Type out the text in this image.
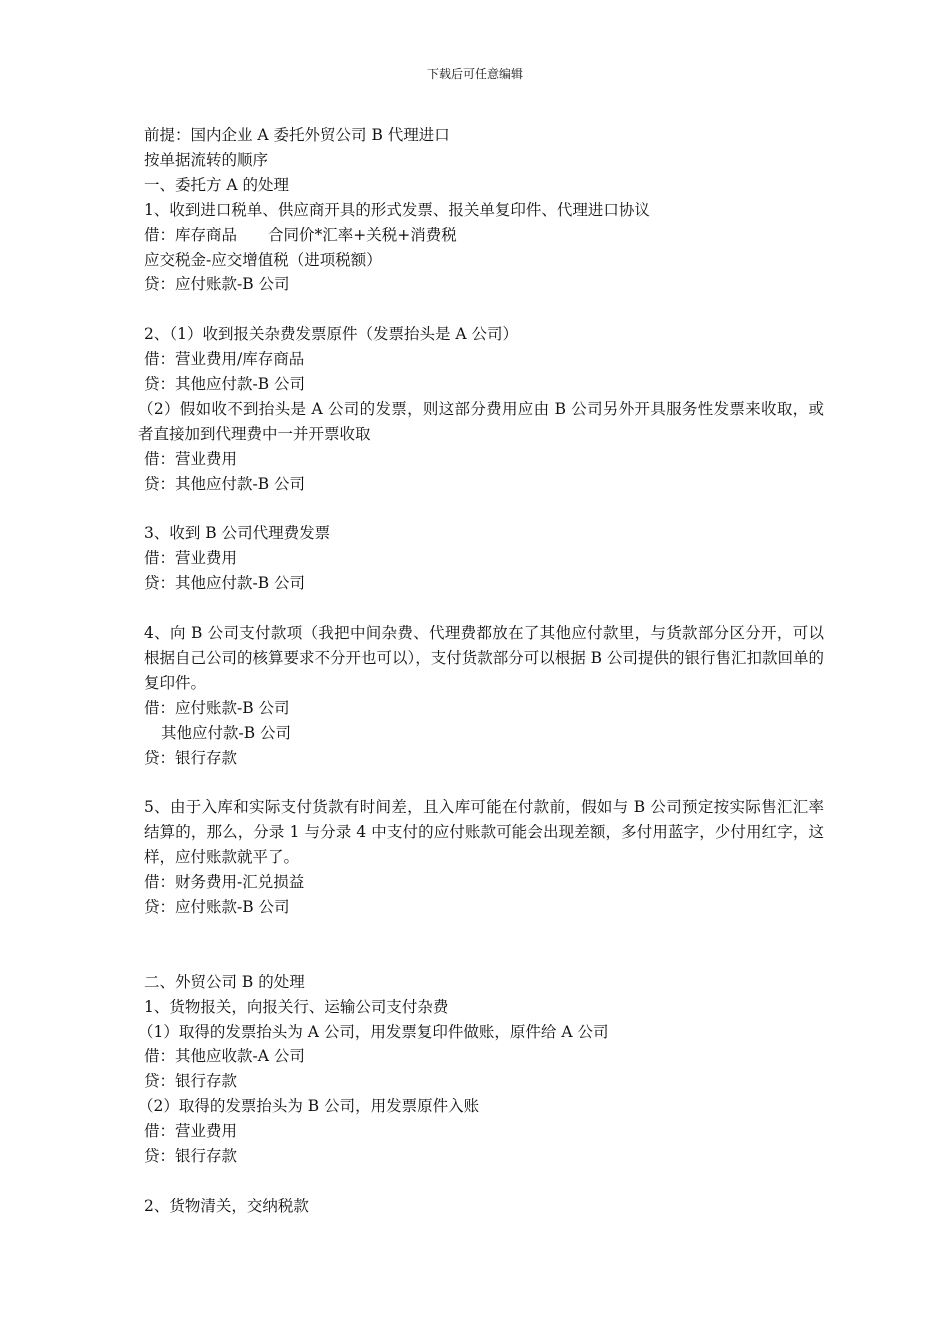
下载后可任意编辑
前提：国内企业 A 委托外贸公司 B 代理进口
按单据流转的顺序
一、委托方 A 的处理
1、收到进口税单、供应商开具的形式发票、报关单复印件、代理进口协议
借：库存商品　　合同价*汇率+关税+消费税
应交税金-应交增值税（进项税额）
贷：应付账款-B 公司
2、（1）收到报关杂费发票原件（发票抬头是 A 公司）
借：营业费用/库存商品
贷：其他应付款-B 公司
（2）假如收不到抬头是 A 公司的发票，则这部分费用应由 B 公司另外开具服务性发票来收取，或者直接加到代理费中一并开票收取
借：营业费用
贷：其他应付款-B 公司
3、收到 B 公司代理费发票
借：营业费用
贷：其他应付款-B 公司
4、向 B 公司支付款项（我把中间杂费、代理费都放在了其他应付款里，与货款部分区分开，可以根据自己公司的核算要求不分开也可以），支付货款部分可以根据 B 公司提供的银行售汇扣款回单的复印件。
借：应付账款-B 公司
其他应付款-B 公司
贷：银行存款
5、由于入库和实际支付货款有时间差，且入库可能在付款前，假如与 B 公司预定按实际售汇汇率结算的，那么，分录 1 与分录 4 中支付的应付账款可能会出现差额，多付用蓝字，少付用红字，这样，应付账款就平了。
借：财务费用-汇兑损益
贷：应付账款-B 公司
二、外贸公司 B 的处理
1、货物报关，向报关行、运输公司支付杂费
（1）取得的发票抬头为 A 公司，用发票复印件做账，原件给 A 公司
借：其他应收款-A 公司
贷：银行存款
（2）取得的发票抬头为 B 公司，用发票原件入账
借：营业费用
贷：银行存款
2、货物清关，交纳税款
